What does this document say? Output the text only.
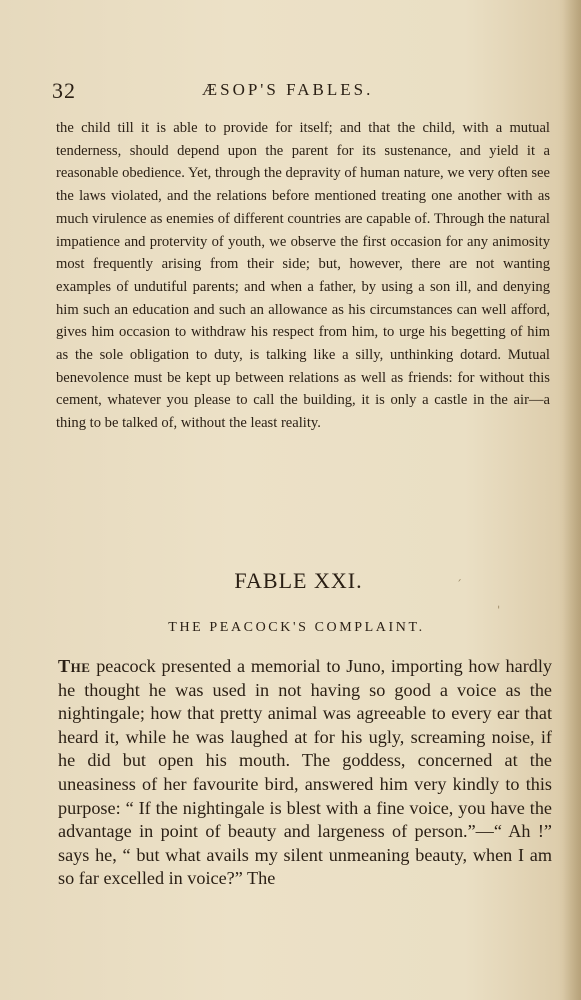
32	ÆSOP'S FABLES.

the child till it is able to provide for itself; and that the child, with a mutual tenderness, should depend upon the parent for its sustenance, and yield it a reasonable obedience. Yet, through the depravity of human nature, we very often see the laws violated, and the relations before mentioned treating one another with as much virulence as enemies of different countries are capable of. Through the natural impatience and protervity of youth, we observe the first occasion for any animosity most frequently arising from their side; but, however, there are not wanting examples of undutiful parents; and when a father, by using a son ill, and denying him such an education and such an allowance as his circumstances can well afford, gives him occasion to withdraw his respect from him, to urge his begetting of him as the sole obligation to duty, is talking like a silly, unthinking dotard. Mutual benevolence must be kept up between relations as well as friends: for without this cement, whatever you please to call the building, it is only a castle in the air—a thing to be talked of, without the least reality.

FABLE XXI.
THE PEACOCK'S COMPLAINT.
ˊ
ˈ

The peacock presented a memorial to Juno, importing how hardly he thought he was used in not having so good a voice as the nightingale; how that pretty animal was agreeable to every ear that heard it, while he was laughed at for his ugly, screaming noise, if he did but open his mouth. The goddess, concerned at the uneasiness of her favourite bird, answered him very kindly to this purpose: “ If the nightingale is blest with a fine voice, you have the advantage in point of beauty and largeness of person.”—“ Ah !” says he, “ but what avails my silent unmeaning beauty, when I am so far excelled in voice?” The
